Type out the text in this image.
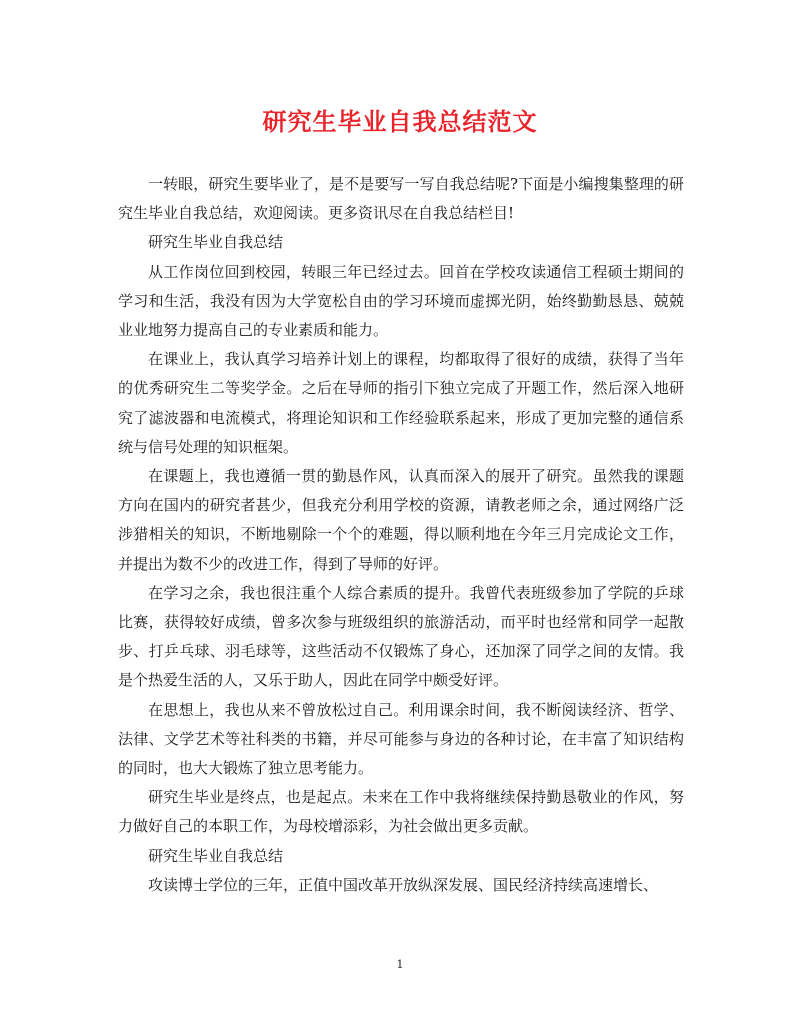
研究生毕业自我总结范文

一转眼，研究生要毕业了，是不是要写一写自我总结呢?下面是小编搜集整理的研究生毕业自我总结，欢迎阅读。更多资讯尽在自我总结栏目!

研究生毕业自我总结

从工作岗位回到校园，转眼三年已经过去。回首在学校攻读通信工程硕士期间的学习和生活，我没有因为大学宽松自由的学习环境而虚掷光阴，始终勤勤恳恳、兢兢业业地努力提高自己的专业素质和能力。

在课业上，我认真学习培养计划上的课程，均都取得了很好的成绩，获得了当年的优秀研究生二等奖学金。之后在导师的指引下独立完成了开题工作，然后深入地研究了滤波器和电流模式，将理论知识和工作经验联系起来，形成了更加完整的通信系统与信号处理的知识框架。

在课题上，我也遵循一贯的勤恳作风，认真而深入的展开了研究。虽然我的课题方向在国内的研究者甚少，但我充分利用学校的资源，请教老师之余，通过网络广泛涉猎相关的知识，不断地剔除一个个的难题，得以顺利地在今年三月完成论文工作，并提出为数不少的改进工作，得到了导师的好评。

在学习之余，我也很注重个人综合素质的提升。我曾代表班级参加了学院的乒球比赛，获得较好成绩，曾多次参与班级组织的旅游活动，而平时也经常和同学一起散步、打乒乓球、羽毛球等，这些活动不仅锻炼了身心，还加深了同学之间的友情。我是个热爱生活的人，又乐于助人，因此在同学中颇受好评。

在思想上，我也从来不曾放松过自己。利用课余时间，我不断阅读经济、哲学、法律、文学艺术等社科类的书籍，并尽可能参与身边的各种讨论，在丰富了知识结构的同时，也大大锻炼了独立思考能力。

研究生毕业是终点，也是起点。未来在工作中我将继续保持勤恳敬业的作风，努力做好自己的本职工作，为母校增添彩，为社会做出更多贡献。

研究生毕业自我总结

攻读博士学位的三年，正值中国改革开放纵深发展、国民经济持续高速增长、

1
